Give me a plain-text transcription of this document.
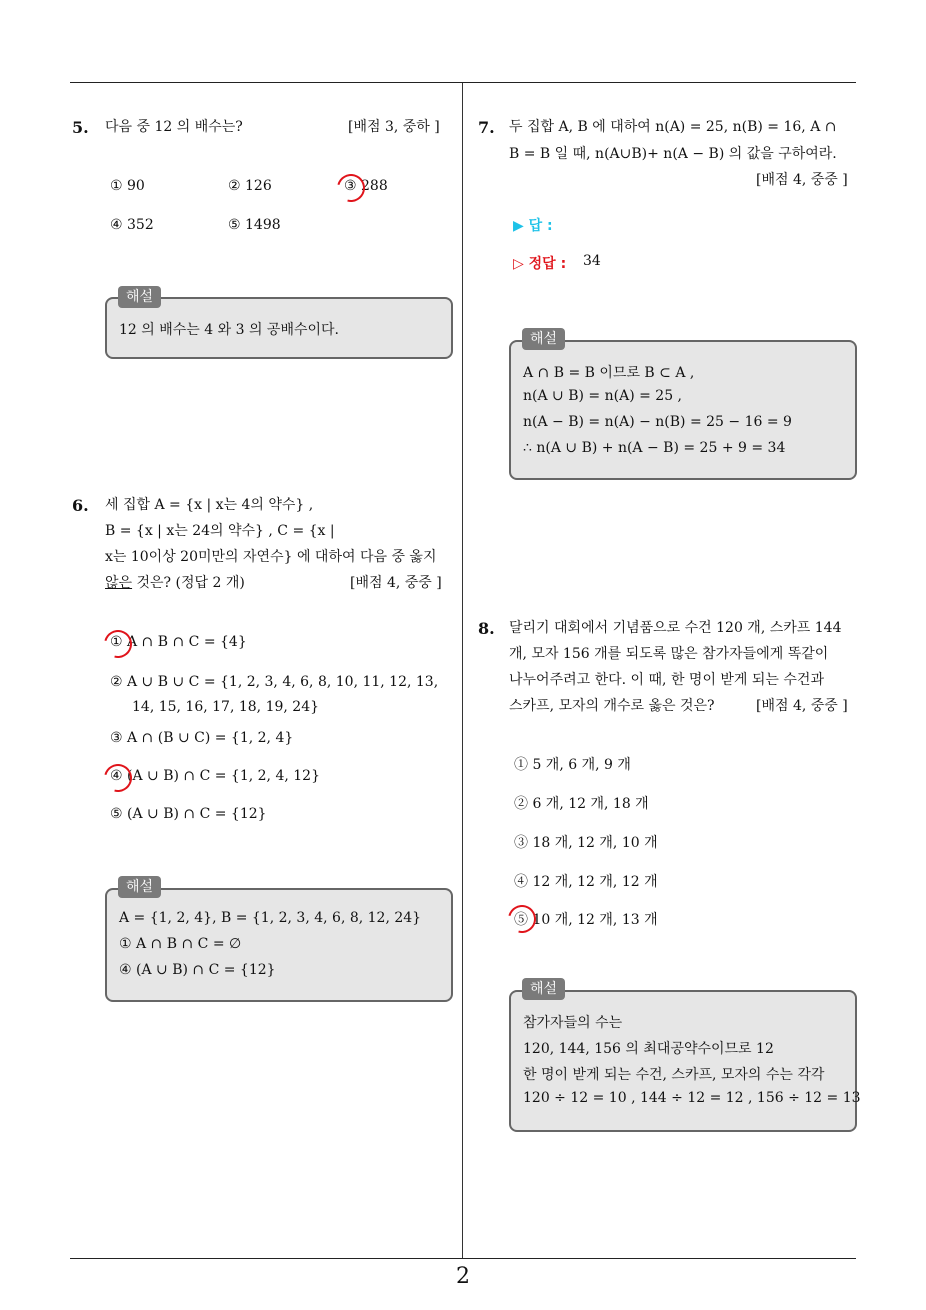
5. 다음 중 12 의 배수는?	[배점 3, 중하 ]
① 90	② 126	③ 288
④ 352	⑤ 1498
12 의 배수는 4 와 3 의 공배수이다.
해설
6. 세 집합 A = {x | x는 4의 약수} ,
B = {x | x는 24의 약수} , C = {x |
x는 10이상 20미만의 자연수} 에 대하여 다음 중 옳지
않은 것은? (정답 2 개)	[배점 4, 중중 ]
① A ∩ B ∩ C = {4}
② A ∪ B ∪ C = {1, 2, 3, 4, 6, 8, 10, 11, 12, 13,
14, 15, 16, 17, 18, 19, 24}
③ A ∩ (B ∪ C) = {1, 2, 4}
④ (A ∪ B) ∩ C = {1, 2, 4, 12}
⑤ (A ∪ B) ∩ C = {12}
A = {1, 2, 4}, B = {1, 2, 3, 4, 6, 8, 12, 24}
① A ∩ B ∩ C = ∅
④ (A ∪ B) ∩ C = {12}
해설
7. 두 집합 A, B 에 대하여 n(A) = 25, n(B) = 16, A ∩
B = B 일 때, n(A∪B)+ n(A − B) 의 값을 구하여라.
[배점 4, 중중 ]
▶ 답 :
▷ 정답 : 34
A ∩ B = B 이므로 B ⊂ A ,
n(A ∪ B) = n(A) = 25 ,
n(A − B) = n(A) − n(B) = 25 − 16 = 9
∴ n(A ∪ B) + n(A − B) = 25 + 9 = 34
해설
8. 달리기 대회에서 기념품으로 수건 120 개, 스카프 144
개, 모자 156 개를 되도록 많은 참가자들에게 똑같이
나누어주려고 한다. 이 때, 한 명이 받게 되는 수건과
스카프, 모자의 개수로 옳은 것은?	[배점 4, 중중 ]
① 5 개, 6 개, 9 개
② 6 개, 12 개, 18 개
③ 18 개, 12 개, 10 개
④ 12 개, 12 개, 12 개
⑤ 10 개, 12 개, 13 개
참가자들의 수는
120, 144, 156 의 최대공약수이므로 12
한 명이 받게 되는 수건, 스카프, 모자의 수는 각각
120 ÷ 12 = 10 , 144 ÷ 12 = 12 , 156 ÷ 12 = 13
해설
2
